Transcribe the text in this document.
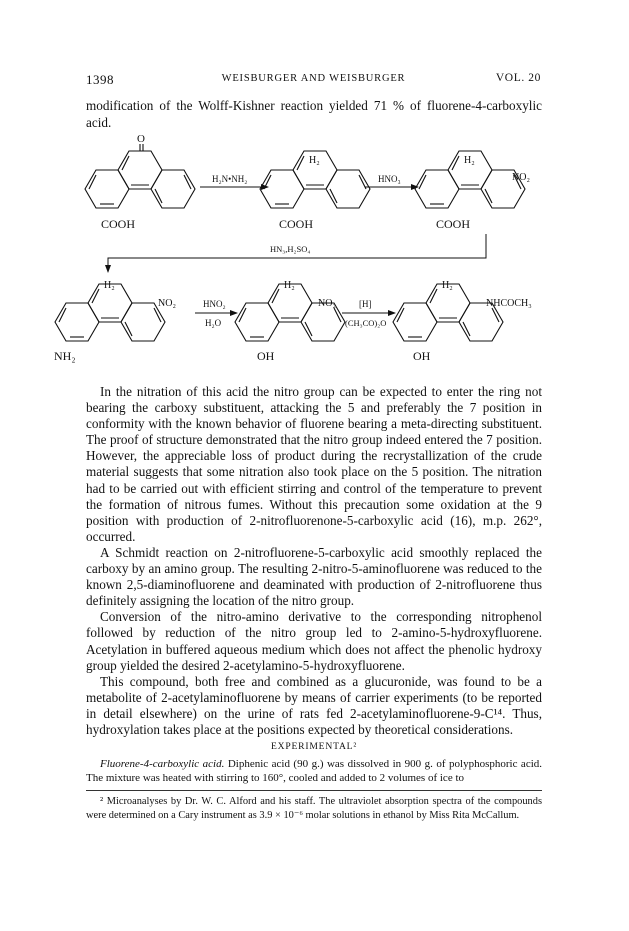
1398	WEISBURGER AND WEISBURGER	VOL. 20
modification of the Wolff-Kishner reaction yielded 71 % of fluorene-4-carboxylic acid.
O
COOH
H₂N•NH₂
H₂
COOH
HNO₃
H₂
NO₂
COOH
HN₃,H₂SO₄
H₂
NO₂
NH₂
HNO₂
H₂O
H₂
NO₂
OH
[H]
(CH₃CO)₂O
H₂
NHCOCH₃
OH

In the nitration of this acid the nitro group can be expected to enter the ring not bearing the carboxy substituent, attacking the 5 and preferably the 7 position in conformity with the known behavior of fluorene bearing a meta-directing substituent. The proof of structure demonstrated that the nitro group indeed entered the 7 position. However, the appreciable loss of product during the recrystallization of the crude material suggests that some nitration also took place on the 5 position. The nitration had to be carried out with efficient stirring and control of the temperature to prevent the formation of nitrous fumes. Without this precaution some oxidation at the 9 position with production of 2-nitrofluorenone-5-carboxylic acid (16), m.p. 262°, occurred.

A Schmidt reaction on 2-nitrofluorene-5-carboxylic acid smoothly replaced the carboxy by an amino group. The resulting 2-nitro-5-aminofluorene was reduced to the known 2,5-diaminofluorene and deaminated with production of 2-nitrofluorene thus definitely assigning the location of the nitro group.

Conversion of the nitro-amino derivative to the corresponding nitrophenol followed by reduction of the nitro group led to 2-amino-5-hydroxyfluorene. Acetylation in buffered aqueous medium which does not affect the phenolic hydroxy group yielded the desired 2-acetylamino-5-hydroxyfluorene.

This compound, both free and combined as a glucuronide, was found to be a metabolite of 2-acetylaminofluorene by means of carrier experiments (to be reported in detail elsewhere) on the urine of rats fed 2-acetylaminofluorene-9-C¹⁴. Thus, hydroxylation takes place at the positions expected by theoretical considerations.

EXPERIMENTAL²
Fluorene-4-carboxylic acid. Diphenic acid (90 g.) was dissolved in 900 g. of polyphosphoric acid. The mixture was heated with stirring to 160°, cooled and added to 2 volumes of ice to
² Microanalyses by Dr. W. C. Alford and his staff. The ultraviolet absorption spectra of the compounds were determined on a Cary instrument as 3.9 × 10⁻⁶ molar solutions in ethanol by Miss Rita McCallum.
